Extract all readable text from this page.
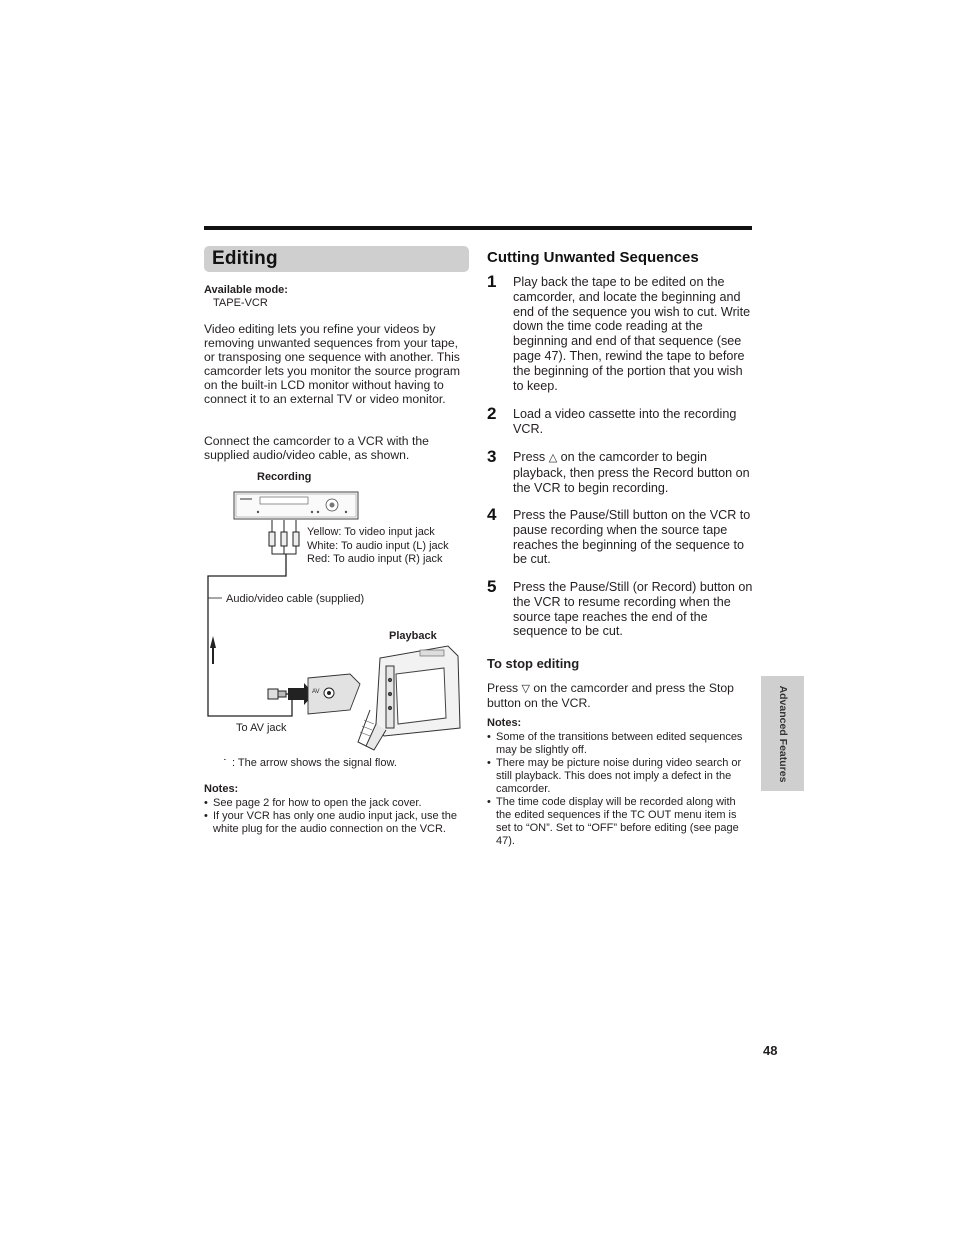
Editing
Available mode:
TAPE-VCR
Video editing lets you refine your videos by removing unwanted sequences from your tape, or transposing one sequence with another. This camcorder lets you monitor the source program on the built-in LCD monitor without having to connect it to an external TV or video monitor.
Connect the camcorder to a VCR with the supplied audio/video cable, as shown.
Recording
Yellow: To video input jack
White: To audio input (L) jack
Red: To audio input (R) jack
Audio/video cable (supplied)
Playback
AV
To AV jack
: The arrow shows the signal flow.
Notes:
• See page 2 for how to open the jack cover.
• If your VCR has only one audio input jack, use the white plug for the audio connection on the VCR.
Cutting Unwanted Sequences
1 Play back the tape to be edited on the camcorder, and locate the beginning and end of the sequence you wish to cut. Write down the time code reading at the beginning and end of that sequence (see page 47). Then, rewind the tape to before the beginning of the portion that you wish to keep.
2 Load a video cassette into the recording VCR.
3 Press △ on the camcorder to begin playback, then press the Record button on the VCR to begin recording.
4 Press the Pause/Still button on the VCR to pause recording when the source tape reaches the beginning of the sequence to be cut.
5 Press the Pause/Still (or Record) button on the VCR to resume recording when the source tape reaches the end of the sequence to be cut.
To stop editing
Press ▽ on the camcorder and press the Stop button on the VCR.
Notes:
• Some of the transitions between edited sequences may be slightly off.
• There may be picture noise during video search or still playback. This does not imply a defect in the camcorder.
• The time code display will be recorded along with the edited sequences if the TC OUT menu item is set to “ON”. Set to “OFF” before editing (see page 47).
Advanced Features
48
